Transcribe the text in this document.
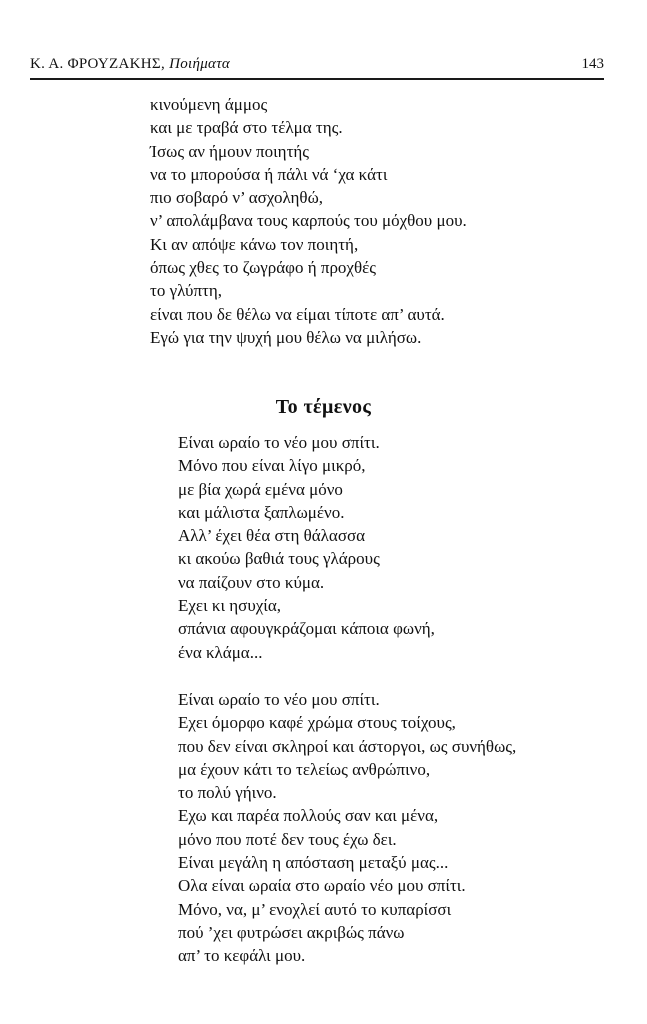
Κ. Α. ΦΡΟΥΖΑΚΗΣ, Ποιήματα	143
κινούμενη άμμος
και με τραβά στο τέλμα της.
Ίσως αν ήμουν ποιητής
να το μπορούσα ή πάλι νά ‘χα κάτι
πιο σοβαρό ν’ ασχοληθώ,
ν’ απολάμβανα τους καρπούς του μόχθου μου.
Κι αν απόψε κάνω τον ποιητή,
όπως χθες το ζωγράφο ή προχθές
το γλύπτη,
είναι που δε θέλω να είμαι τίποτε απ’ αυτά.
Εγώ για την ψυχή μου θέλω να μιλήσω.
Το τέμενος
Είναι ωραίο το νέο μου σπίτι.
Μόνο που είναι λίγο μικρό,
με βία χωρά εμένα μόνο
και μάλιστα ξαπλωμένο.
Αλλ’ έχει θέα στη θάλασσα
κι ακούω βαθιά τους γλάρους
να παίζουν στο κύμα.
Εχει κι ησυχία,
σπάνια αφουγκράζομαι κάποια φωνή,
ένα κλάμα...
Είναι ωραίο το νέο μου σπίτι.
Εχει όμορφο καφέ χρώμα στους τοίχους,
που δεν είναι σκληροί και άστοργοι, ως συνήθως,
μα έχουν κάτι το τελείως ανθρώπινο,
το πολύ γήινο.
Εχω και παρέα πολλούς σαν και μένα,
μόνο που ποτέ δεν τους έχω δει.
Είναι μεγάλη η απόσταση μεταξύ μας...
Ολα είναι ωραία στο ωραίο νέο μου σπίτι.
Μόνο, να, μ’ ενοχλεί αυτό το κυπαρίσσι
πού ’χει φυτρώσει ακριβώς πάνω
απ’ το κεφάλι μου.
